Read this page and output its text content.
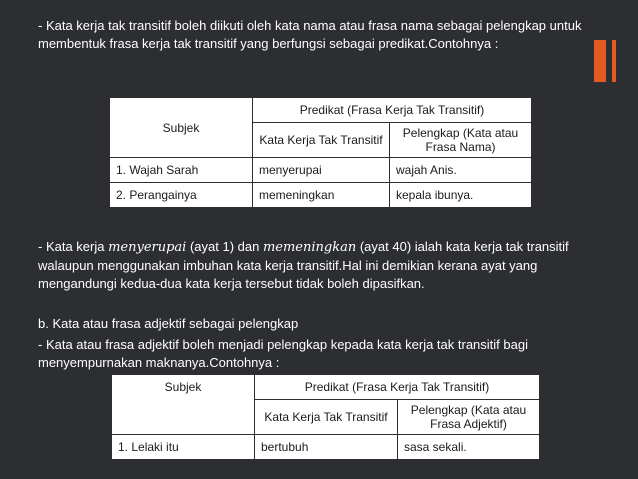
- Kata kerja tak transitif boleh diikuti oleh kata nama atau frasa nama sebagai pelengkap untuk membentuk frasa kerja tak transitif yang berfungsi sebagai predikat.Contohnya :

Subjek	Predikat (Frasa Kerja Tak Transitif)	
	Kata Kerja Tak Transitif	Pelengkap (Kata atau Frasa Nama)
1. Wajah Sarah	menyerupai	wajah Anis.
2. Perangainya	memeningkan	kepala ibunya.

- Kata kerja menyerupai (ayat 1) dan memeningkan (ayat 40) ialah kata kerja tak transitif walaupun menggunakan imbuhan kata kerja transitif.Hal ini demikian kerana ayat yang mengandungi kedua-dua kata kerja tersebut tidak boleh dipasifkan.

b. Kata atau frasa adjektif sebagai pelengkap

- Kata atau frasa adjektif boleh menjadi pelengkap kepada kata kerja tak transitif bagi menyempurnakan maknanya.Contohnya :

Subjek	Predikat (Frasa Kerja Tak Transitif)	
	Kata Kerja Tak Transitif	Pelengkap (Kata atau Frasa Adjektif)
1. Lelaki itu	bertubuh	sasa sekali.
